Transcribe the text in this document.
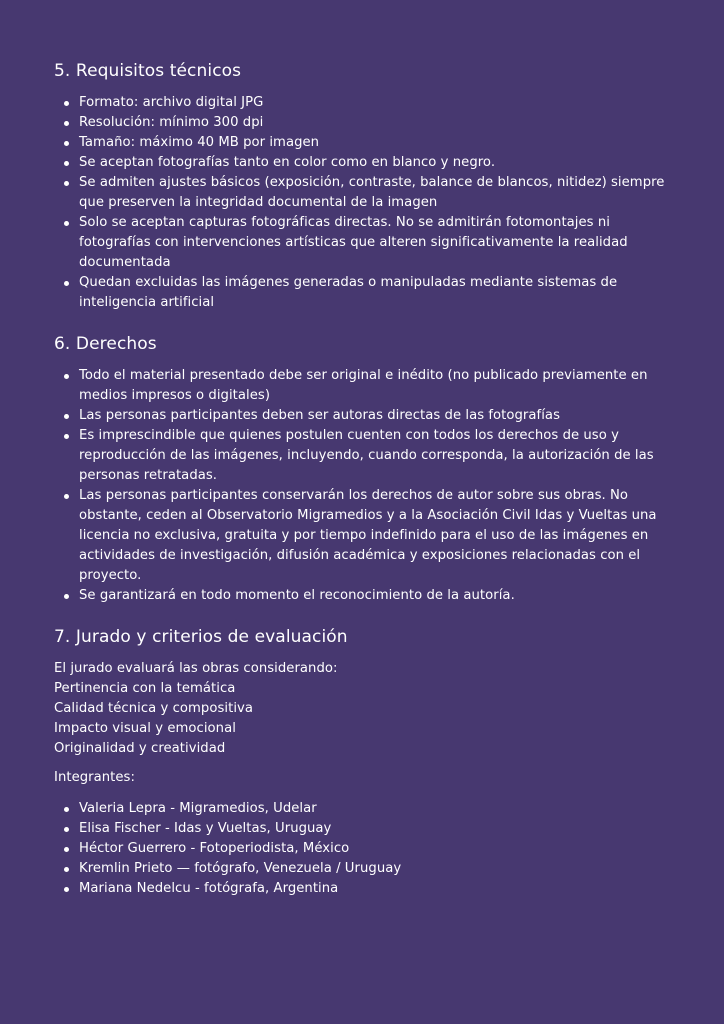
5. Requisitos técnicos
Formato: archivo digital JPG
Resolución: mínimo 300 dpi
Tamaño: máximo 40 MB por imagen
Se aceptan fotografías tanto en color como en blanco y negro.
Se admiten ajustes básicos (exposición, contraste, balance de blancos, nitidez) siempre que preserven la integridad documental de la imagen
Solo se aceptan capturas fotográficas directas. No se admitirán fotomontajes ni fotografías con intervenciones artísticas que alteren significativamente la realidad documentada
Quedan excluidas las imágenes generadas o manipuladas mediante sistemas de inteligencia artificial
6. Derechos
Todo el material presentado debe ser original e inédito (no publicado previamente en medios impresos o digitales)
Las personas participantes deben ser autoras directas de las fotografías
Es imprescindible que quienes postulen cuenten con todos los derechos de uso y reproducción de las imágenes, incluyendo, cuando corresponda, la autorización de las personas retratadas.
Las personas participantes conservarán los derechos de autor sobre sus obras. No obstante, ceden al Observatorio Migramedios y a la Asociación Civil Idas y Vueltas una licencia no exclusiva, gratuita y por tiempo indefinido para el uso de las imágenes en actividades de investigación, difusión académica y exposiciones relacionadas con el proyecto.
Se garantizará en todo momento el reconocimiento de la autoría.
7. Jurado y criterios de evaluación
El jurado evaluará las obras considerando:
Pertinencia con la temática
Calidad técnica y compositiva
Impacto visual y emocional
Originalidad y creatividad
Integrantes:
Valeria Lepra - Migramedios, Udelar
Elisa Fischer - Idas y Vueltas, Uruguay
Héctor Guerrero - Fotoperiodista, México
Kremlin Prieto — fotógrafo, Venezuela / Uruguay
Mariana Nedelcu - fotógrafa, Argentina
